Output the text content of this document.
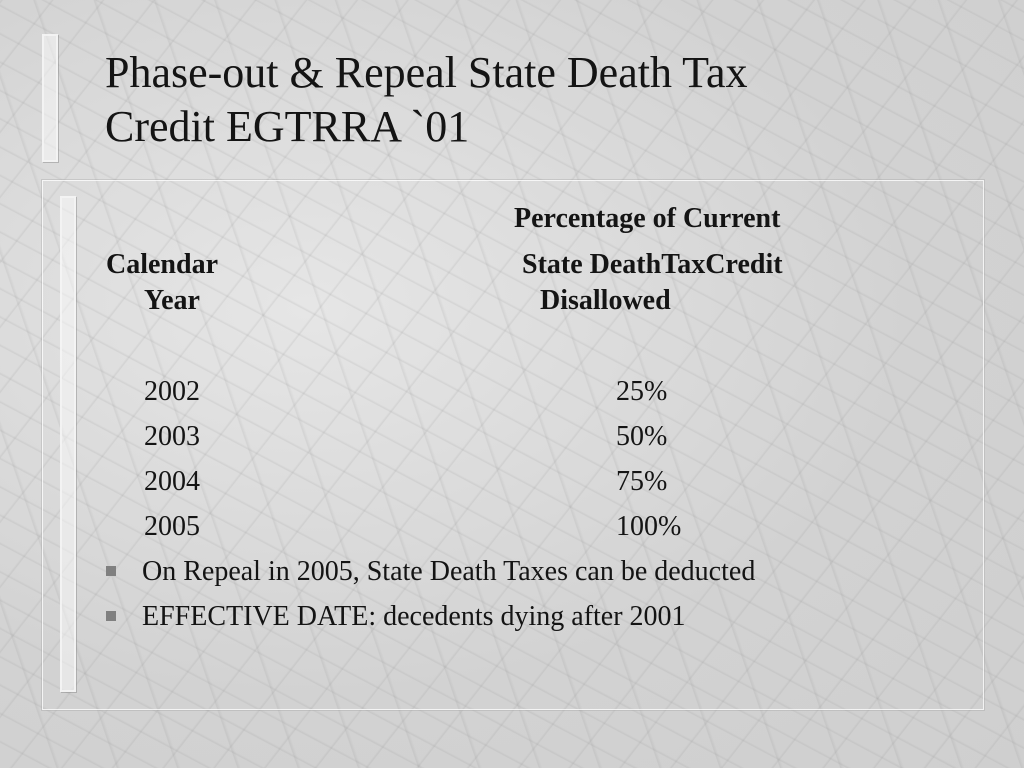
Phase-out & Repeal State Death Tax
Credit EGTRRA `01
Percentage of Current
Calendar	State DeathTaxCredit
Year	Disallowed
2002	25%
2003	50%
2004	75%
2005	100%
On Repeal in 2005, State Death Taxes can be deducted
EFFECTIVE DATE: decedents dying after 2001
